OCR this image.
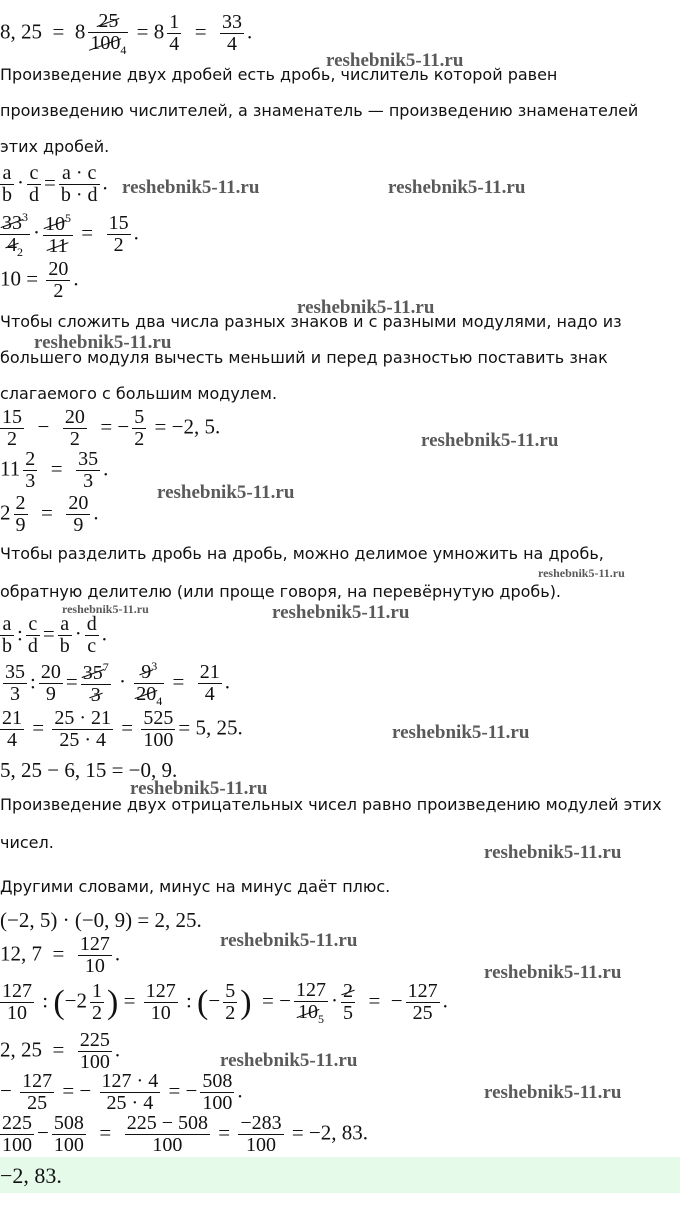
8, $25 = 8 \frac{25}{100_4} = 8 \frac{1}{4} = \frac{33}{4}$ .
Произведение двух дробей есть дробь, числитель которой равен
произведению числителей, а знаменатель — произведению знаменателей
этих дробей.
$\frac{a}{b} \cdot \frac{c}{d} = \frac{a \cdot c}{b \cdot d}$ .
$\frac{33^3}{4_2} \cdot \frac{10^5}{11} = \frac{15}{2}$ .
$10 = \frac{20}{2}$ .
Чтобы сложить два числа разных знаков и с разными модулями, надо из
большего модуля вычесть меньший и перед разностью поставить знак
слагаемого с большим модулем.
$\frac{15}{2} - \frac{20}{2}$ = − $\frac{5}{2} = -2$, 5.
$11 \frac{2}{3} = \frac{35}{3}$ .
$2 \frac{2}{9} = \frac{20}{9}$ .
Чтобы разделить дробь на дробь, можно делимое умножить на дробь,
обратную делителю (или проще говоря, на перевёрнутую дробь).
$\frac{a}{b}$ : $\frac{c}{d} = \frac{a}{b} \cdot \frac{d}{c}$ .
$\frac{35}{3}$ : $\frac{20}{9} = \frac{35^7}{3} \cdot \frac{9^3}{20_4} = \frac{21}{4}$ .
$\frac{21}{4} = \frac{25 \cdot 21}{25 \cdot 4} = \frac{525}{100} = 5$, 25.
5, 25 − 6, 15 = −0, 9.
Произведение двух отрицательных чисел равно произведению модулей этих
чисел.
Другими словами, минус на минус даёт плюс.
(−2, 5) · (−0, 9) = 2, 25.
12, $7 = \frac{127}{10}$ .
$\frac{127}{10}$ : ($-2 \frac{1}{2}$ ) = $\frac{127}{10}$ : (− $\frac{5}{2}$ )  = − $\frac{127}{10_5} \cdot \frac{2}{5}$ =  − $\frac{127}{25}$ .
2, $25 = \frac{225}{100}$ .
− $\frac{127}{25}$ = − $\frac{127 \cdot 4}{25 \cdot 4}$ = − $\frac{508}{100}$ .
$\frac{225}{100} - \frac{508}{100} = \frac{225 - 508}{100} = \frac{-283}{100} = -2$, 83.
−2, 83.
reshebnik5-11.ru
reshebnik5-11.ru	reshebnik5-11.ru
reshebnik5-11.ru
reshebnik5-11.ru
reshebnik5-11.ru
reshebnik5-11.ru
reshebnik5-11.ru
reshebnik5-11.ru	reshebnik5-11.ru
reshebnik5-11.ru
reshebnik5-11.ru
reshebnik5-11.ru
reshebnik5-11.ru
reshebnik5-11.ru
reshebnik5-11.ru
reshebnik5-11.ru
